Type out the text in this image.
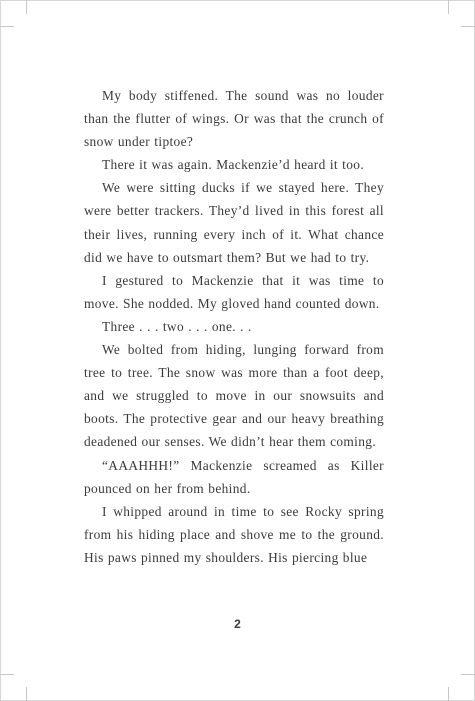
My body stiffened. The sound was no louder than the flutter of wings. Or was that the crunch of snow under tiptoe?

There it was again. Mackenzie’d heard it too.

We were sitting ducks if we stayed here. They were better trackers. They’d lived in this forest all their lives, running every inch of it. What chance did we have to outsmart them? But we had to try.

I gestured to Mackenzie that it was time to move. She nodded. My gloved hand counted down.

Three . . . two . . . one. . .

We bolted from hiding, lunging forward from tree to tree. The snow was more than a foot deep, and we struggled to move in our snowsuits and boots. The protective gear and our heavy breathing deadened our senses. We didn’t hear them coming.

“AAAHHH!” Mackenzie screamed as Killer pounced on her from behind.

I whipped around in time to see Rocky spring from his hiding place and shove me to the ground. His paws pinned my shoulders. His piercing blue

2
